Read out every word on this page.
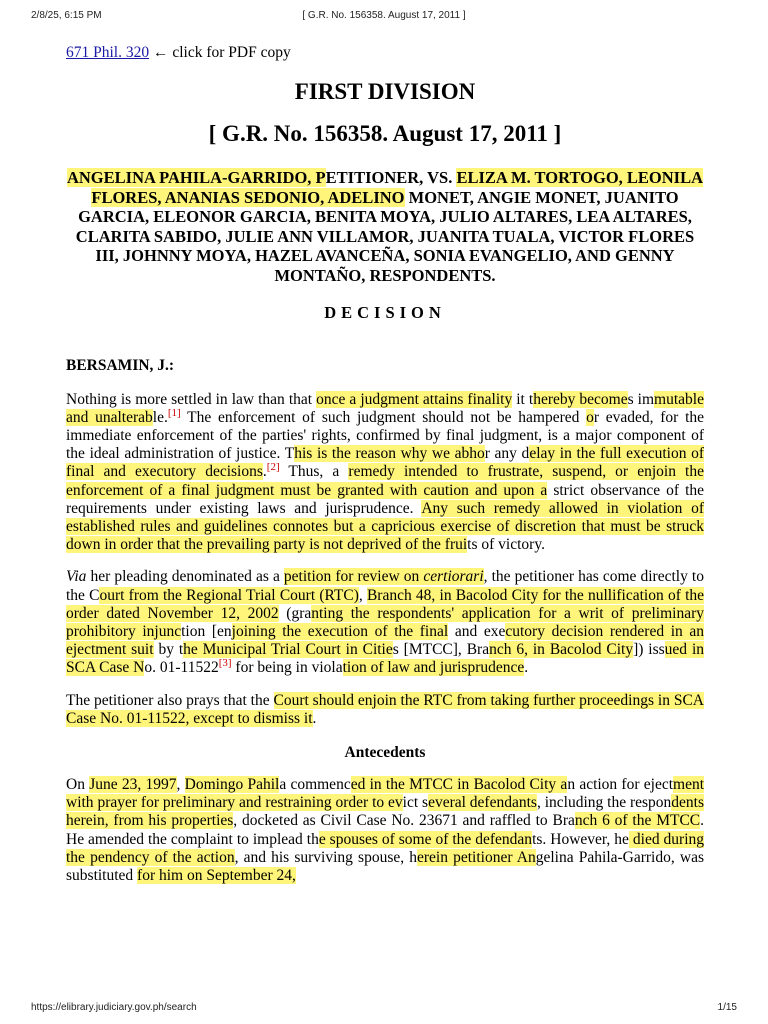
2/8/25, 6:15 PM	[ G.R. No. 156358. August 17, 2011 ]
671 Phil. 320 ← click for PDF copy
FIRST DIVISION
[ G.R. No. 156358. August 17, 2011 ]
ANGELINA PAHILA-GARRIDO, PETITIONER, VS. ELIZA M. TORTOGO, LEONILA FLORES, ANANIAS SEDONIO, ADELINO MONET, ANGIE MONET, JUANITO GARCIA, ELEONOR GARCIA, BENITA MOYA, JULIO ALTARES, LEA ALTARES, CLARITA SABIDO, JULIE ANN VILLAMOR, JUANITA TUALA, VICTOR FLORES III, JOHNNY MOYA, HAZEL AVANCEÑA, SONIA EVANGELIO, AND GENNY MONTAÑO, RESPONDENTS.
DECISION
BERSAMIN, J.:

Nothing is more settled in law than that once a judgment attains finality it thereby becomes immutable and unalterable.[1] The enforcement of such judgment should not be hampered or evaded, for the immediate enforcement of the parties' rights, confirmed by final judgment, is a major component of the ideal administration of justice. This is the reason why we abhor any delay in the full execution of final and executory decisions.[2] Thus, a remedy intended to frustrate, suspend, or enjoin the enforcement of a final judgment must be granted with caution and upon a strict observance of the requirements under existing laws and jurisprudence. Any such remedy allowed in violation of established rules and guidelines connotes but a capricious exercise of discretion that must be struck down in order that the prevailing party is not deprived of the fruits of victory.

Via her pleading denominated as a petition for review on certiorari, the petitioner has come directly to the Court from the Regional Trial Court (RTC), Branch 48, in Bacolod City for the nullification of the order dated November 12, 2002 (granting the respondents' application for a writ of preliminary prohibitory injunction [enjoining the execution of the final and executory decision rendered in an ejectment suit by the Municipal Trial Court in Cities [MTCC], Branch 6, in Bacolod City]) issued in SCA Case No. 01-11522[3] for being in violation of law and jurisprudence.

The petitioner also prays that the Court should enjoin the RTC from taking further proceedings in SCA Case No. 01-11522, except to dismiss it.

Antecedents

On June 23, 1997, Domingo Pahila commenced in the MTCC in Bacolod City an action for ejectment with prayer for preliminary and restraining order to evict several defendants, including the respondents herein, from his properties, docketed as Civil Case No. 23671 and raffled to Branch 6 of the MTCC. He amended the complaint to implead the spouses of some of the defendants. However, he died during the pendency of the action, and his surviving spouse, herein petitioner Angelina Pahila-Garrido, was substituted for him on September 24,

https://elibrary.judiciary.gov.ph/search	1/15
